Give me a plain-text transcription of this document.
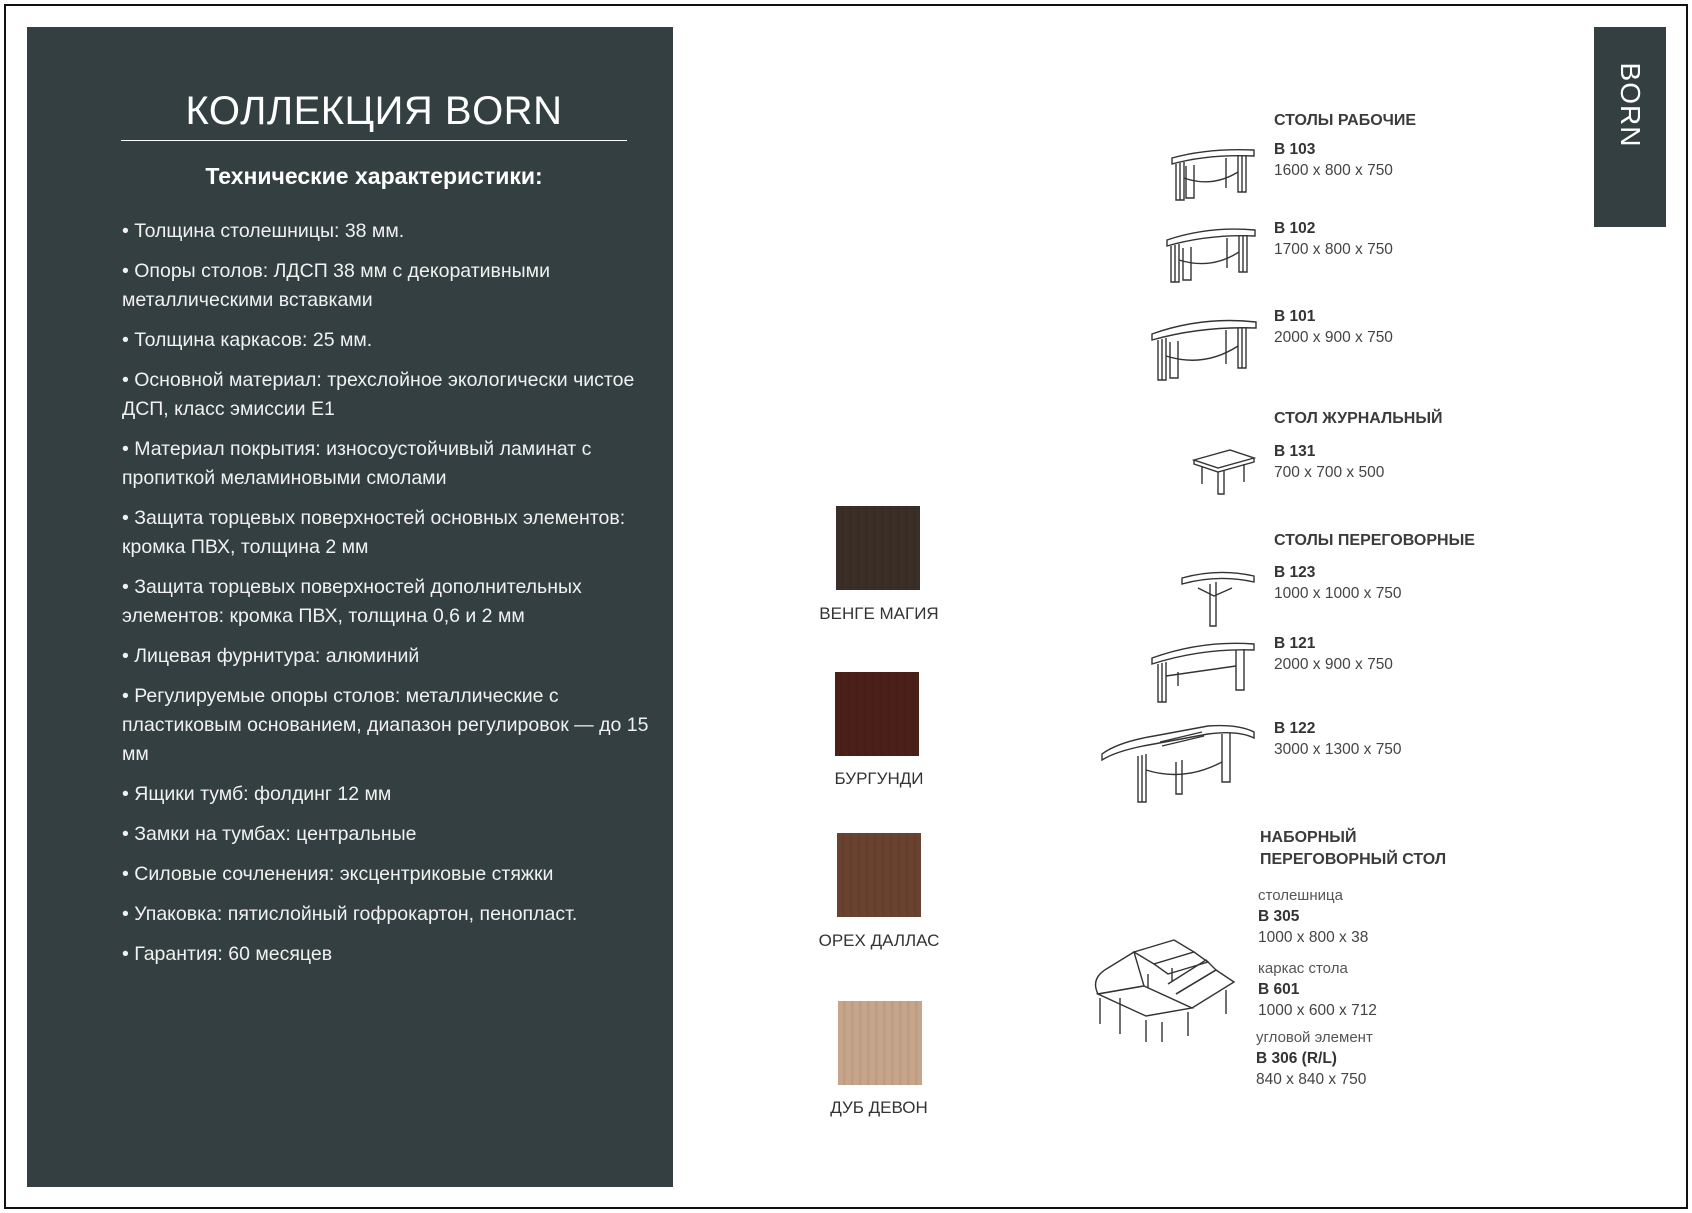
КОЛЛЕКЦИЯ BORN
Технические характеристики:
• Толщина столешницы: 38 мм.
• Опоры столов: ЛДСП 38 мм с декоративными металлическими вставками
• Толщина каркасов: 25 мм.
• Основной материал: трехслойное экологически чистое ДСП, класс эмиссии Е1
• Материал покрытия: износоустойчивый ламинат с пропиткой меламиновыми смолами
• Защита торцевых поверхностей основных элементов: кромка ПВХ, толщина 2 мм
• Защита торцевых поверхностей дополнительных элементов: кромка ПВХ, толщина 0,6 и 2 мм
• Лицевая фурнитура: алюминий
• Регулируемые опоры столов: металлические с пластиковым основанием, диапазон регулировок — до 15 мм
• Ящики тумб: фолдинг 12 мм
• Замки на тумбах: центральные
• Силовые сочленения: эксцентриковые стяжки
• Упаковка: пятислойный гофрокартон, пенопласт.
• Гарантия: 60 месяцев
BORN
ВЕНГЕ МАГИЯ
БУРГУНДИ
ОРЕХ ДАЛЛАС
ДУБ ДЕВОН
СТОЛЫ РАБОЧИЕ
В 103
1600 х 800 х 750
В 102
1700 х 800 х 750
В 101
2000 х 900 х 750
СТОЛ ЖУРНАЛЬНЫЙ
В 131
700 х 700 х 500
СТОЛЫ ПЕРЕГОВОРНЫЕ
В 123
1000 х 1000 х 750
В 121
2000 х 900 х 750
В 122
3000 х 1300 х 750
НАБОРНЫЙ
ПЕРЕГОВОРНЫЙ СТОЛ
столешница
В 305
1000 х 800 х 38
каркас стола
В 601
1000 х 600 х 712
угловой элемент
В 306 (R/L)
840 х 840 х 750
